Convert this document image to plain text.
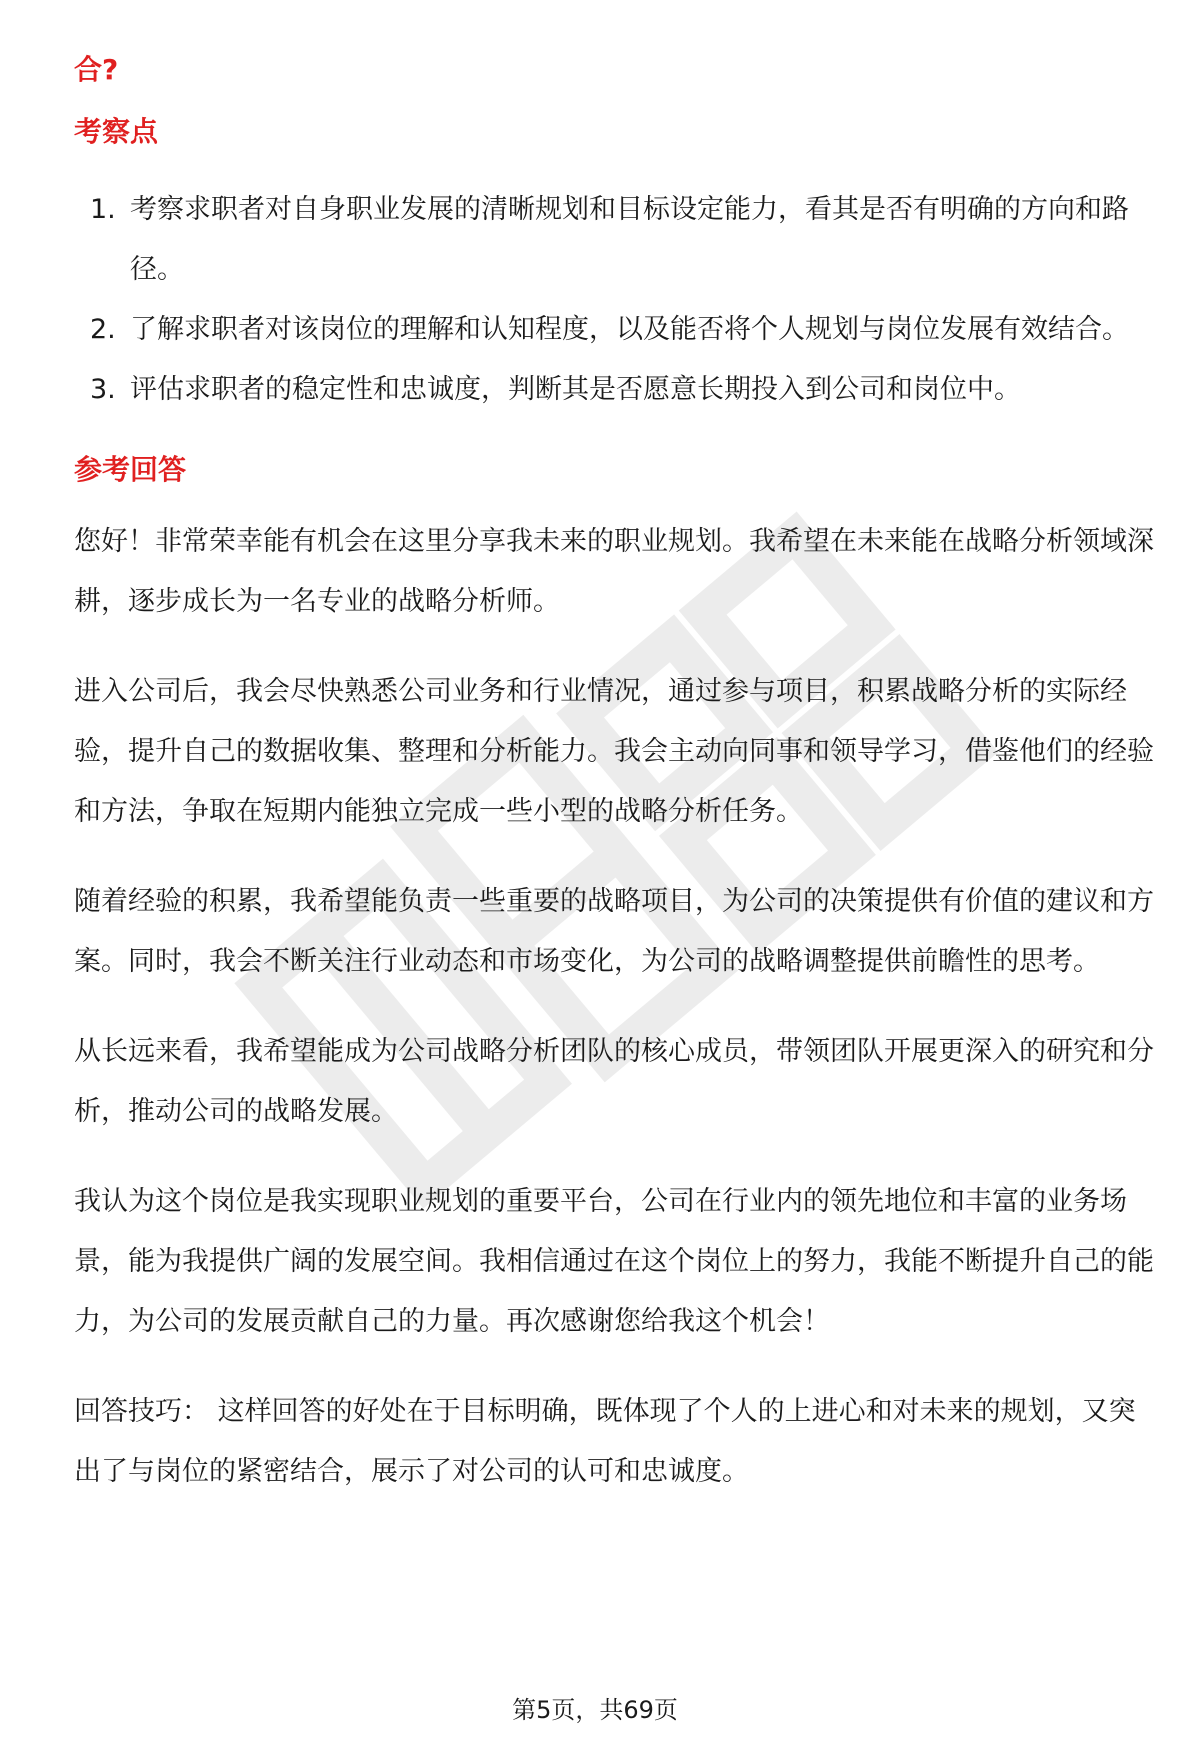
合?

考察点

1. 考察求职者对自身职业发展的清晰规划和目标设定能力，看其是否有明确的方向和路径。
2. 了解求职者对该岗位的理解和认知程度，以及能否将个人规划与岗位发展有效结合。
3. 评估求职者的稳定性和忠诚度，判断其是否愿意长期投入到公司和岗位中。

参考回答

您好！非常荣幸能有机会在这里分享我未来的职业规划。我希望在未来能在战略分析领域深耕，逐步成长为一名专业的战略分析师。

进入公司后，我会尽快熟悉公司业务和行业情况，通过参与项目，积累战略分析的实际经验，提升自己的数据收集、整理和分析能力。我会主动向同事和领导学习，借鉴他们的经验和方法，争取在短期内能独立完成一些小型的战略分析任务。

随着经验的积累，我希望能负责一些重要的战略项目，为公司的决策提供有价值的建议和方案。同时，我会不断关注行业动态和市场变化，为公司的战略调整提供前瞻性的思考。

从长远来看，我希望能成为公司战略分析团队的核心成员，带领团队开展更深入的研究和分析，推动公司的战略发展。

我认为这个岗位是我实现职业规划的重要平台，公司在行业内的领先地位和丰富的业务场景，能为我提供广阔的发展空间。我相信通过在这个岗位上的努力，我能不断提升自己的能力，为公司的发展贡献自己的力量。再次感谢您给我这个机会！

回答技巧： 这样回答的好处在于目标明确，既体现了个人的上进心和对未来的规划，又突出了与岗位的紧密结合，展示了对公司的认可和忠诚度。

第5页，共69页
